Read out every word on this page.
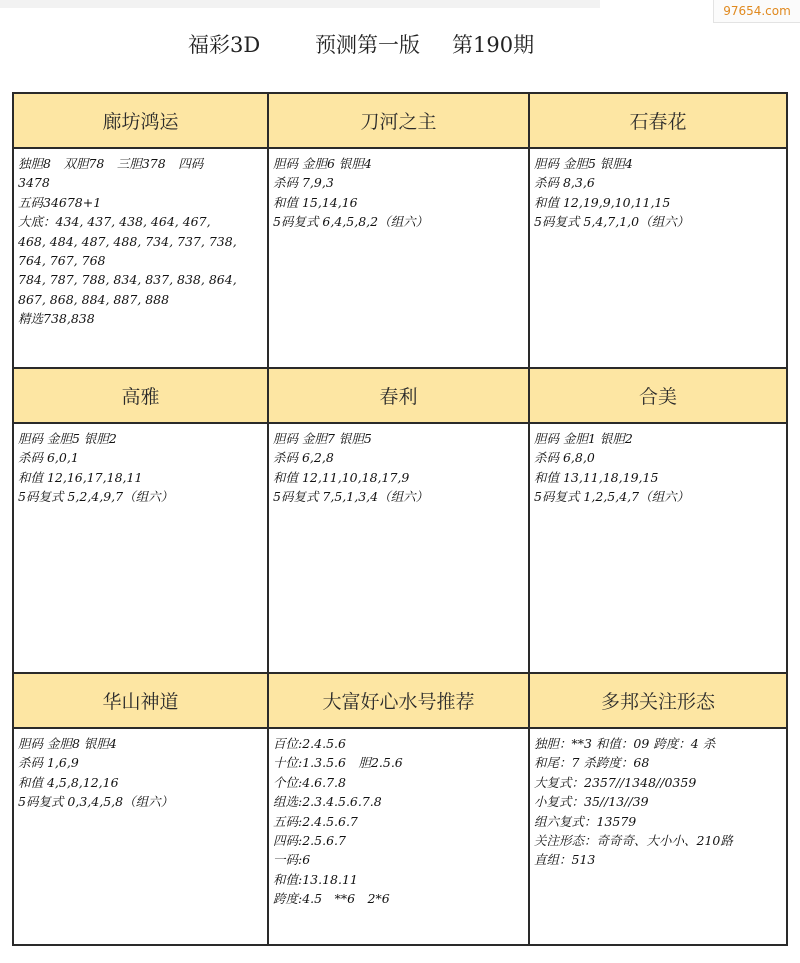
97654.com
福彩3D	预测第一版 第190期
廊坊鸿运
独胆8　双胆78　三胆378　四码
3478
五码34678+1
大底：434, 437, 438, 464, 467,
468, 484, 487, 488, 734, 737, 738,
764, 767, 768
784, 787, 788, 834, 837, 838, 864,
867, 868, 884, 887, 888
精选738,838
刀河之主
胆码 金胆6 银胆4
杀码 7,9,3
和值 15,14,16
5码复式 6,4,5,8,2（组六）
石春花
胆码 金胆5 银胆4
杀码 8,3,6
和值 12,19,9,10,11,15
5码复式 5,4,7,1,0（组六）
高雅
胆码 金胆5 银胆2
杀码 6,0,1
和值 12,16,17,18,11
5码复式 5,2,4,9,7（组六）
春利
胆码 金胆7 银胆5
杀码 6,2,8
和值 12,11,10,18,17,9
5码复式 7,5,1,3,4（组六）
合美
胆码 金胆1 银胆2
杀码 6,8,0
和值 13,11,18,19,15
5码复式 1,2,5,4,7（组六）
华山神道
胆码 金胆8 银胆4
杀码 1,6,9
和值 4,5,8,12,16
5码复式 0,3,4,5,8（组六）
大富好心水号推荐
百位:2.4.5.6
十位:1.3.5.6　胆2.5.6
个位:4.6.7.8
组选:2.3.4.5.6.7.8
五码:2.4.5.6.7
四码:2.5.6.7
一码:6
和值:13.18.11
跨度:4.5　**6　2*6
多邦关注形态
独胆：**3 和值：09 跨度：4 杀
和尾：7 杀跨度：68
大复式：2357//1348//0359
小复式：35//13//39
组六复式：13579
关注形态：奇奇奇、大小小、210路
直组：513
